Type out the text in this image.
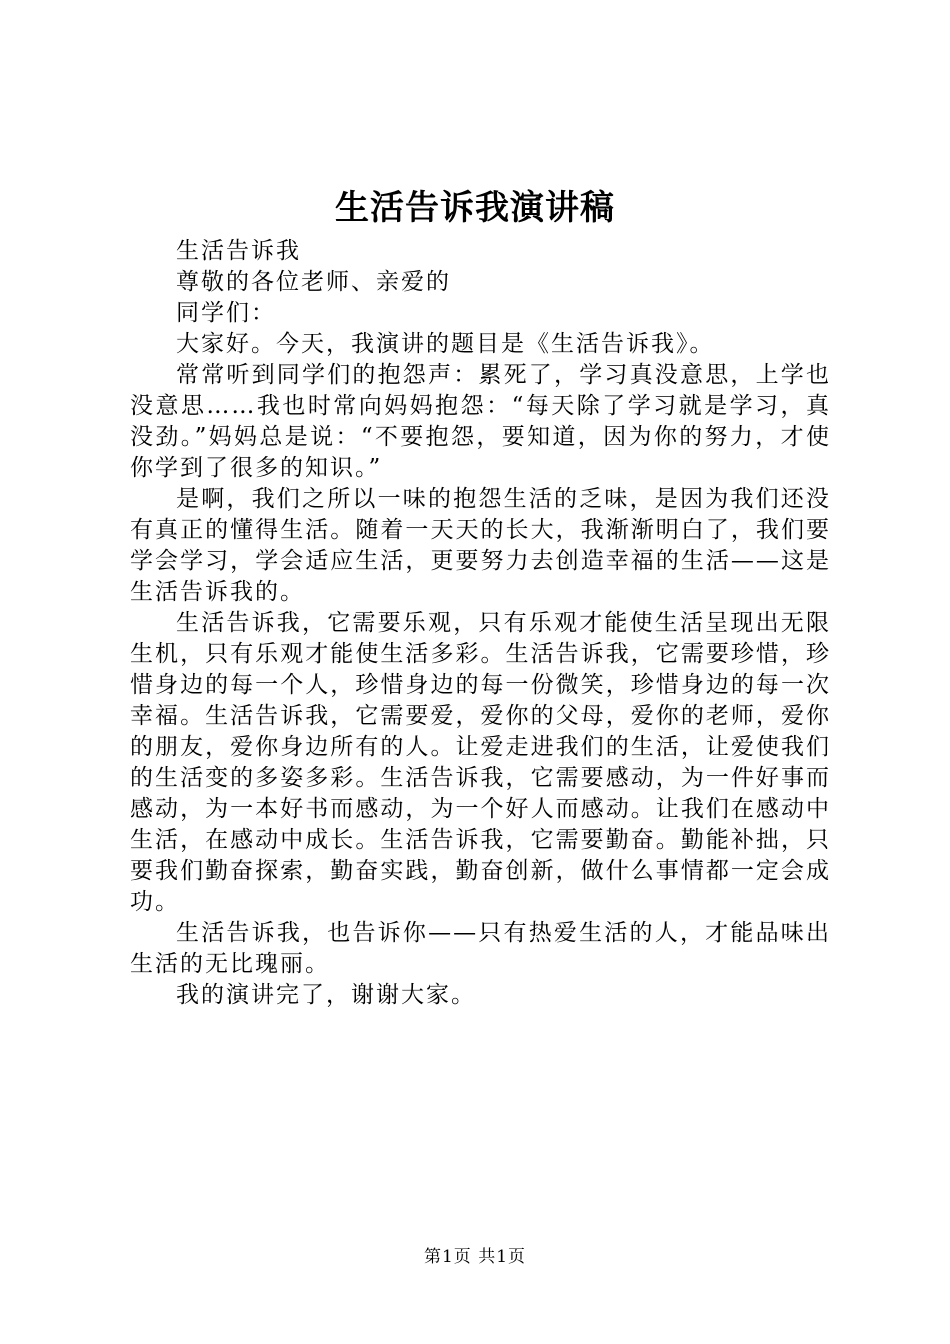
生活告诉我演讲稿

生活告诉我

尊敬的各位老师、亲爱的

同学们：

大家好。今天，我演讲的题目是《生活告诉我》。

常常听到同学们的抱怨声：累死了，学习真没意思，上学也没意思……我也时常向妈妈抱怨：“每天除了学习就是学习，真没劲。”妈妈总是说：“不要抱怨，要知道，因为你的努力，才使你学到了很多的知识。”

是啊，我们之所以一味的抱怨生活的乏味，是因为我们还没有真正的懂得生活。随着一天天的长大，我渐渐明白了，我们要学会学习，学会适应生活，更要努力去创造幸福的生活——这是生活告诉我的。

生活告诉我，它需要乐观，只有乐观才能使生活呈现出无限生机，只有乐观才能使生活多彩。生活告诉我，它需要珍惜，珍惜身边的每一个人，珍惜身边的每一份微笑，珍惜身边的每一次幸福。生活告诉我，它需要爱，爱你的父母，爱你的老师，爱你的朋友，爱你身边所有的人。让爱走进我们的生活，让爱使我们的生活变的多姿多彩。生活告诉我，它需要感动，为一件好事而感动，为一本好书而感动，为一个好人而感动。让我们在感动中生活，在感动中成长。生活告诉我，它需要勤奋。勤能补拙，只要我们勤奋探索，勤奋实践，勤奋创新，做什么事情都一定会成功。

生活告诉我，也告诉你——只有热爱生活的人，才能品味出生活的无比瑰丽。

我的演讲完了，谢谢大家。

第1页 共1页
